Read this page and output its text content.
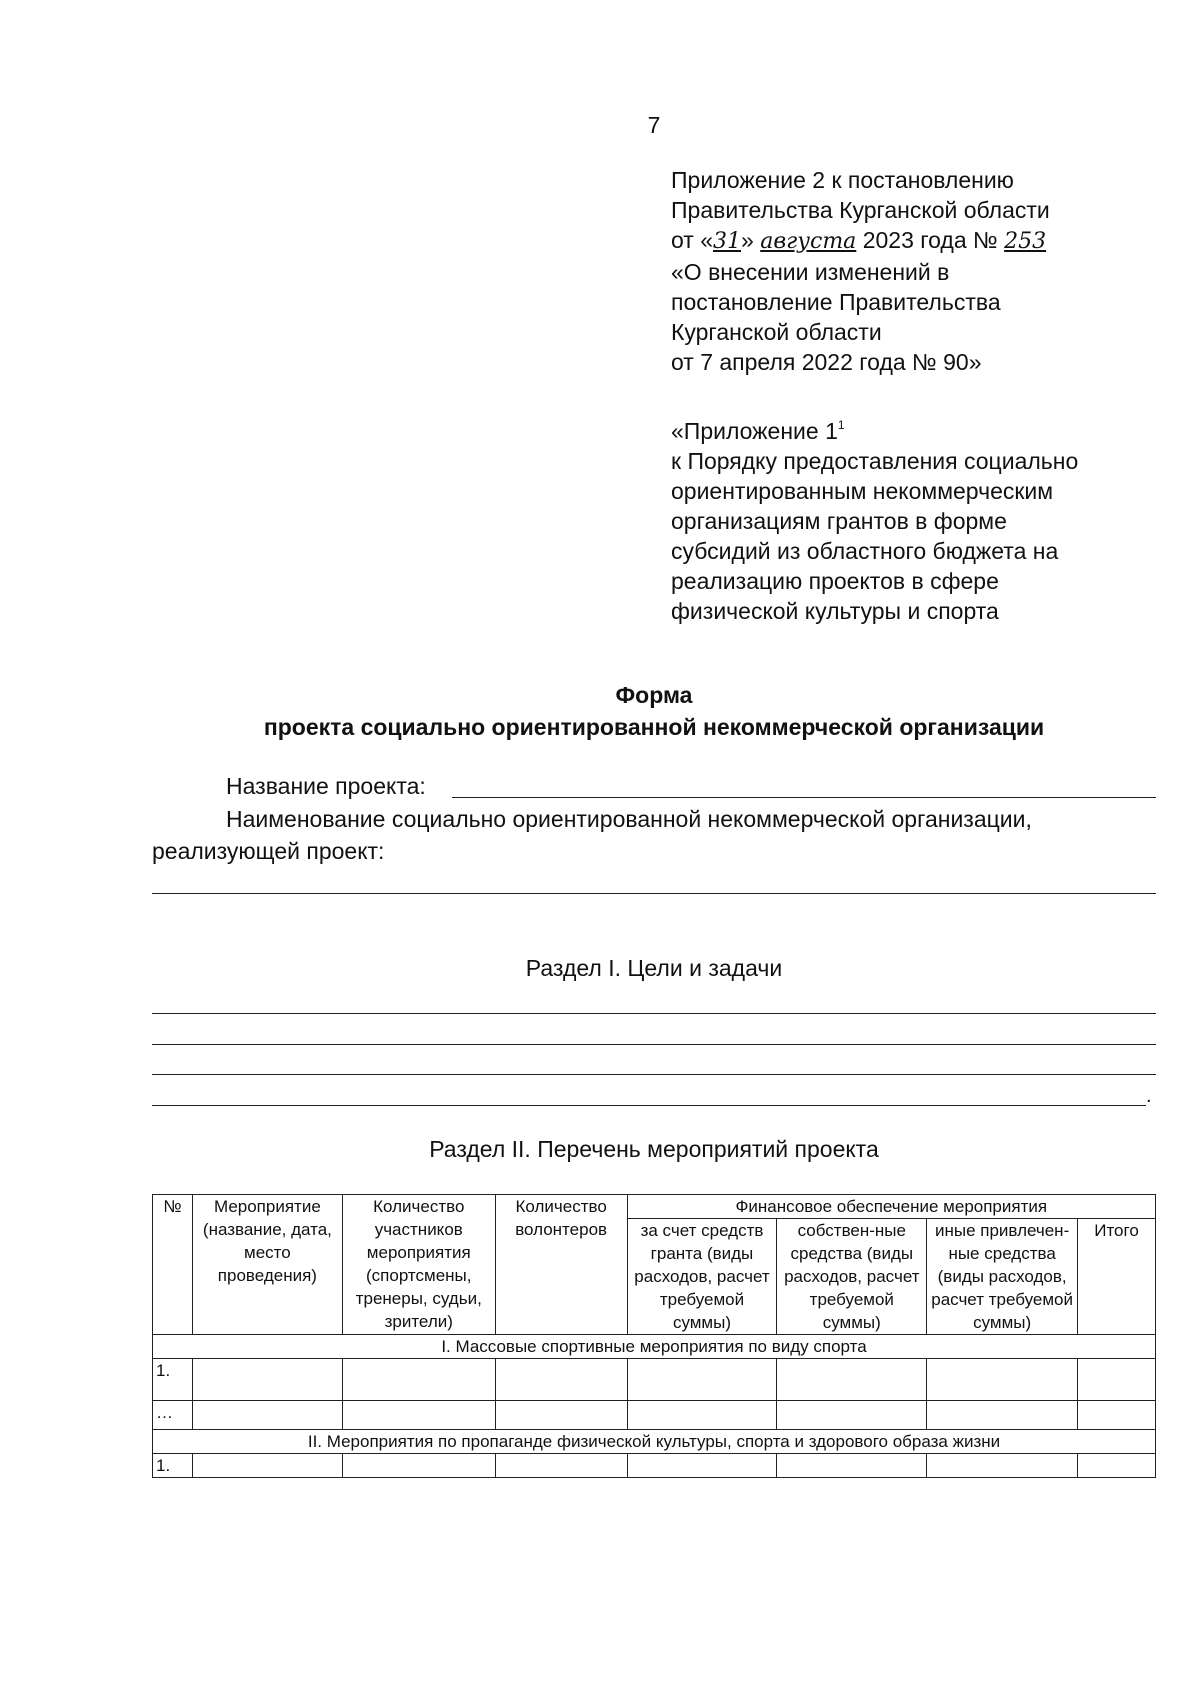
7
Приложение 2 к постановлению
Правительства Курганской области
от «31» августа 2023 года № 253
«О внесении изменений в
постановление Правительства
Курганской области
от 7 апреля 2022 года № 90»
«Приложение $1^1$
к Порядку предоставления социально
ориентированным некоммерческим
организациям грантов в форме
субсидий из областного бюджета на
реализацию проектов в сфере
физической культуры и спорта
Форма
проекта социально ориентированной некоммерческой организации
Название проекта:
Наименование социально ориентированной некоммерческой организации,
реализующей проект:
Раздел I. Цели и задачи
.
Раздел II. Перечень мероприятий проекта
№	Мероприятие (название, дата, место проведения)	Количество участников мероприятия (спортсмены, тренеры, судьи, зрители)	Количество волонтеров	Финансовое обеспечение мероприятия			
				за счет средств гранта (виды расходов, расчет требуемой суммы)	собствен-ные средства (виды расходов, расчет требуемой суммы)	иные привлечен-ные средства (виды расходов, расчет требуемой суммы)	Итого
I. Массовые спортивные мероприятия по виду спорта							
1.							
…							
II. Мероприятия по пропаганде физической культуры, спорта и здорового образа жизни							
1.							
